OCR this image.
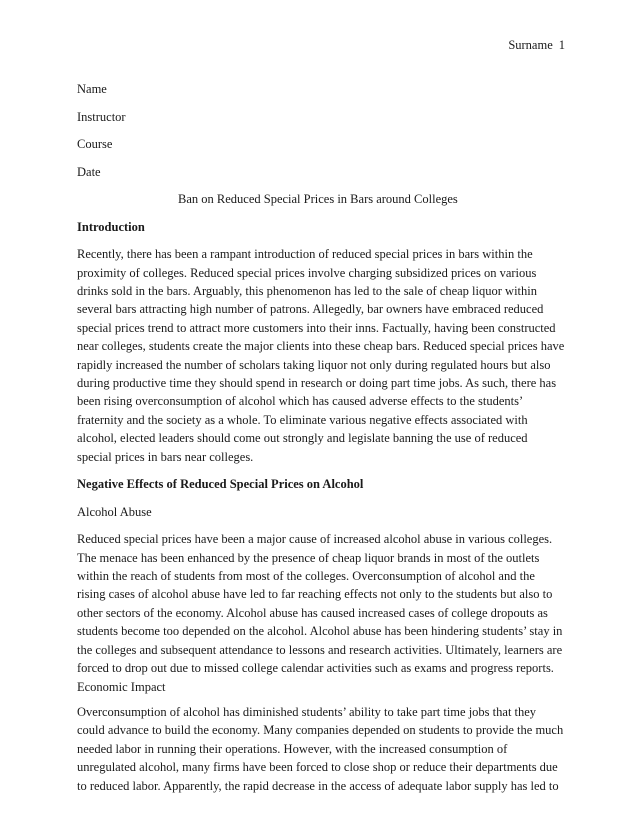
Surname 1
Name
Instructor
Course
Date
Ban on Reduced Special Prices in Bars around Colleges
Introduction
Recently, there has been a rampant introduction of reduced special prices in bars within the
proximity of colleges. Reduced special prices involve charging subsidized prices on various
drinks sold in the bars. Arguably, this phenomenon has led to the sale of cheap liquor within
several bars attracting high number of patrons. Allegedly, bar owners have embraced reduced
special prices trend to attract more customers into their inns. Factually, having been constructed
near colleges, students create the major clients into these cheap bars. Reduced special prices have
rapidly increased the number of scholars taking liquor not only during regulated hours but also
during productive time they should spend in research or doing part time jobs. As such, there has
been rising overconsumption of alcohol which has caused adverse effects to the students’
fraternity and the society as a whole. To eliminate various negative effects associated with
alcohol, elected leaders should come out strongly and legislate banning the use of reduced
special prices in bars near colleges.
Negative Effects of Reduced Special Prices on Alcohol
Alcohol Abuse
Reduced special prices have been a major cause of increased alcohol abuse in various colleges.
The menace has been enhanced by the presence of cheap liquor brands in most of the outlets
within the reach of students from most of the colleges. Overconsumption of alcohol and the
rising cases of alcohol abuse have led to far reaching effects not only to the students but also to
other sectors of the economy. Alcohol abuse has caused increased cases of college dropouts as
students become too depended on the alcohol. Alcohol abuse has been hindering students’ stay in
the colleges and subsequent attendance to lessons and research activities. Ultimately, learners are
forced to drop out due to missed college calendar activities such as exams and progress reports.
Economic Impact
Overconsumption of alcohol has diminished students’ ability to take part time jobs that they
could advance to build the economy. Many companies depended on students to provide the much
needed labor in running their operations. However, with the increased consumption of
unregulated alcohol, many firms have been forced to close shop or reduce their departments due
to reduced labor. Apparently, the rapid decrease in the access of adequate labor supply has led to
